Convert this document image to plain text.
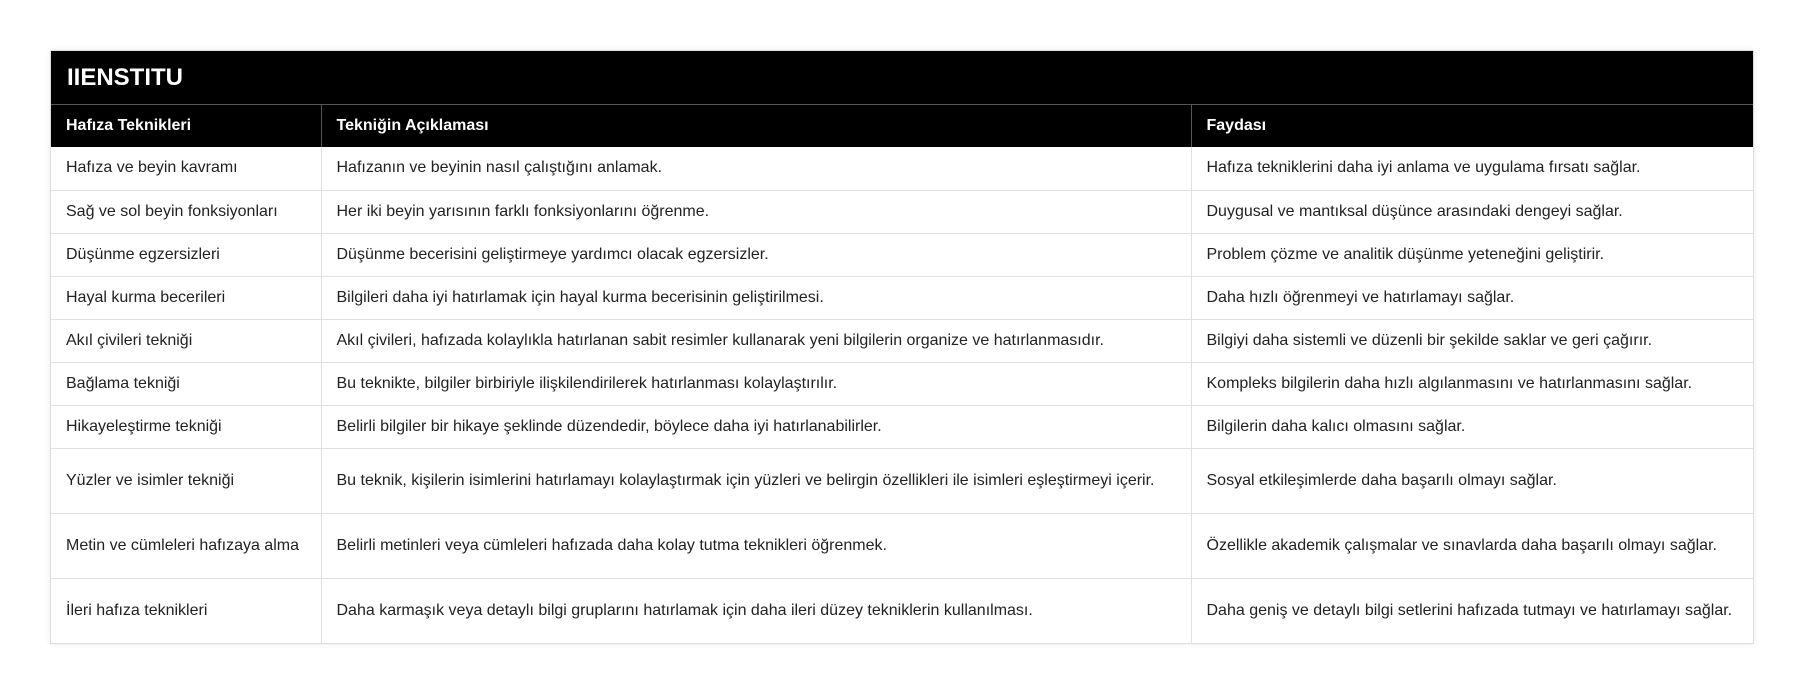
IIENSTITU
Hafıza Teknikleri	Tekniğin Açıklaması	Faydası
Hafıza ve beyin kavramı	Hafızanın ve beyinin nasıl çalıştığını anlamak.	Hafıza tekniklerini daha iyi anlama ve uygulama fırsatı sağlar.
Sağ ve sol beyin fonksiyonları	Her iki beyin yarısının farklı fonksiyonlarını öğrenme.	Duygusal ve mantıksal düşünce arasındaki dengeyi sağlar.
Düşünme egzersizleri	Düşünme becerisini geliştirmeye yardımcı olacak egzersizler.	Problem çözme ve analitik düşünme yeteneğini geliştirir.
Hayal kurma becerileri	Bilgileri daha iyi hatırlamak için hayal kurma becerisinin geliştirilmesi.	Daha hızlı öğrenmeyi ve hatırlamayı sağlar.
Akıl çivileri tekniği	Akıl çivileri, hafızada kolaylıkla hatırlanan sabit resimler kullanarak yeni bilgilerin organize ve hatırlanmasıdır.	Bilgiyi daha sistemli ve düzenli bir şekilde saklar ve geri çağırır.
Bağlama tekniği	Bu teknikte, bilgiler birbiriyle ilişkilendirilerek hatırlanması kolaylaştırılır.	Kompleks bilgilerin daha hızlı algılanmasını ve hatırlanmasını sağlar.
Hikayeleştirme tekniği	Belirli bilgiler bir hikaye şeklinde düzendedir, böylece daha iyi hatırlanabilirler.	Bilgilerin daha kalıcı olmasını sağlar.
Yüzler ve isimler tekniği	Bu teknik, kişilerin isimlerini hatırlamayı kolaylaştırmak için yüzleri ve belirgin özellikleri ile isimleri eşleştirmeyi içerir.	Sosyal etkileşimlerde daha başarılı olmayı sağlar.
Metin ve cümleleri hafızaya alma	Belirli metinleri veya cümleleri hafızada daha kolay tutma teknikleri öğrenmek.	Özellikle akademik çalışmalar ve sınavlarda daha başarılı olmayı sağlar.
İleri hafıza teknikleri	Daha karmaşık veya detaylı bilgi gruplarını hatırlamak için daha ileri düzey tekniklerin kullanılması.	Daha geniş ve detaylı bilgi setlerini hafızada tutmayı ve hatırlamayı sağlar.
